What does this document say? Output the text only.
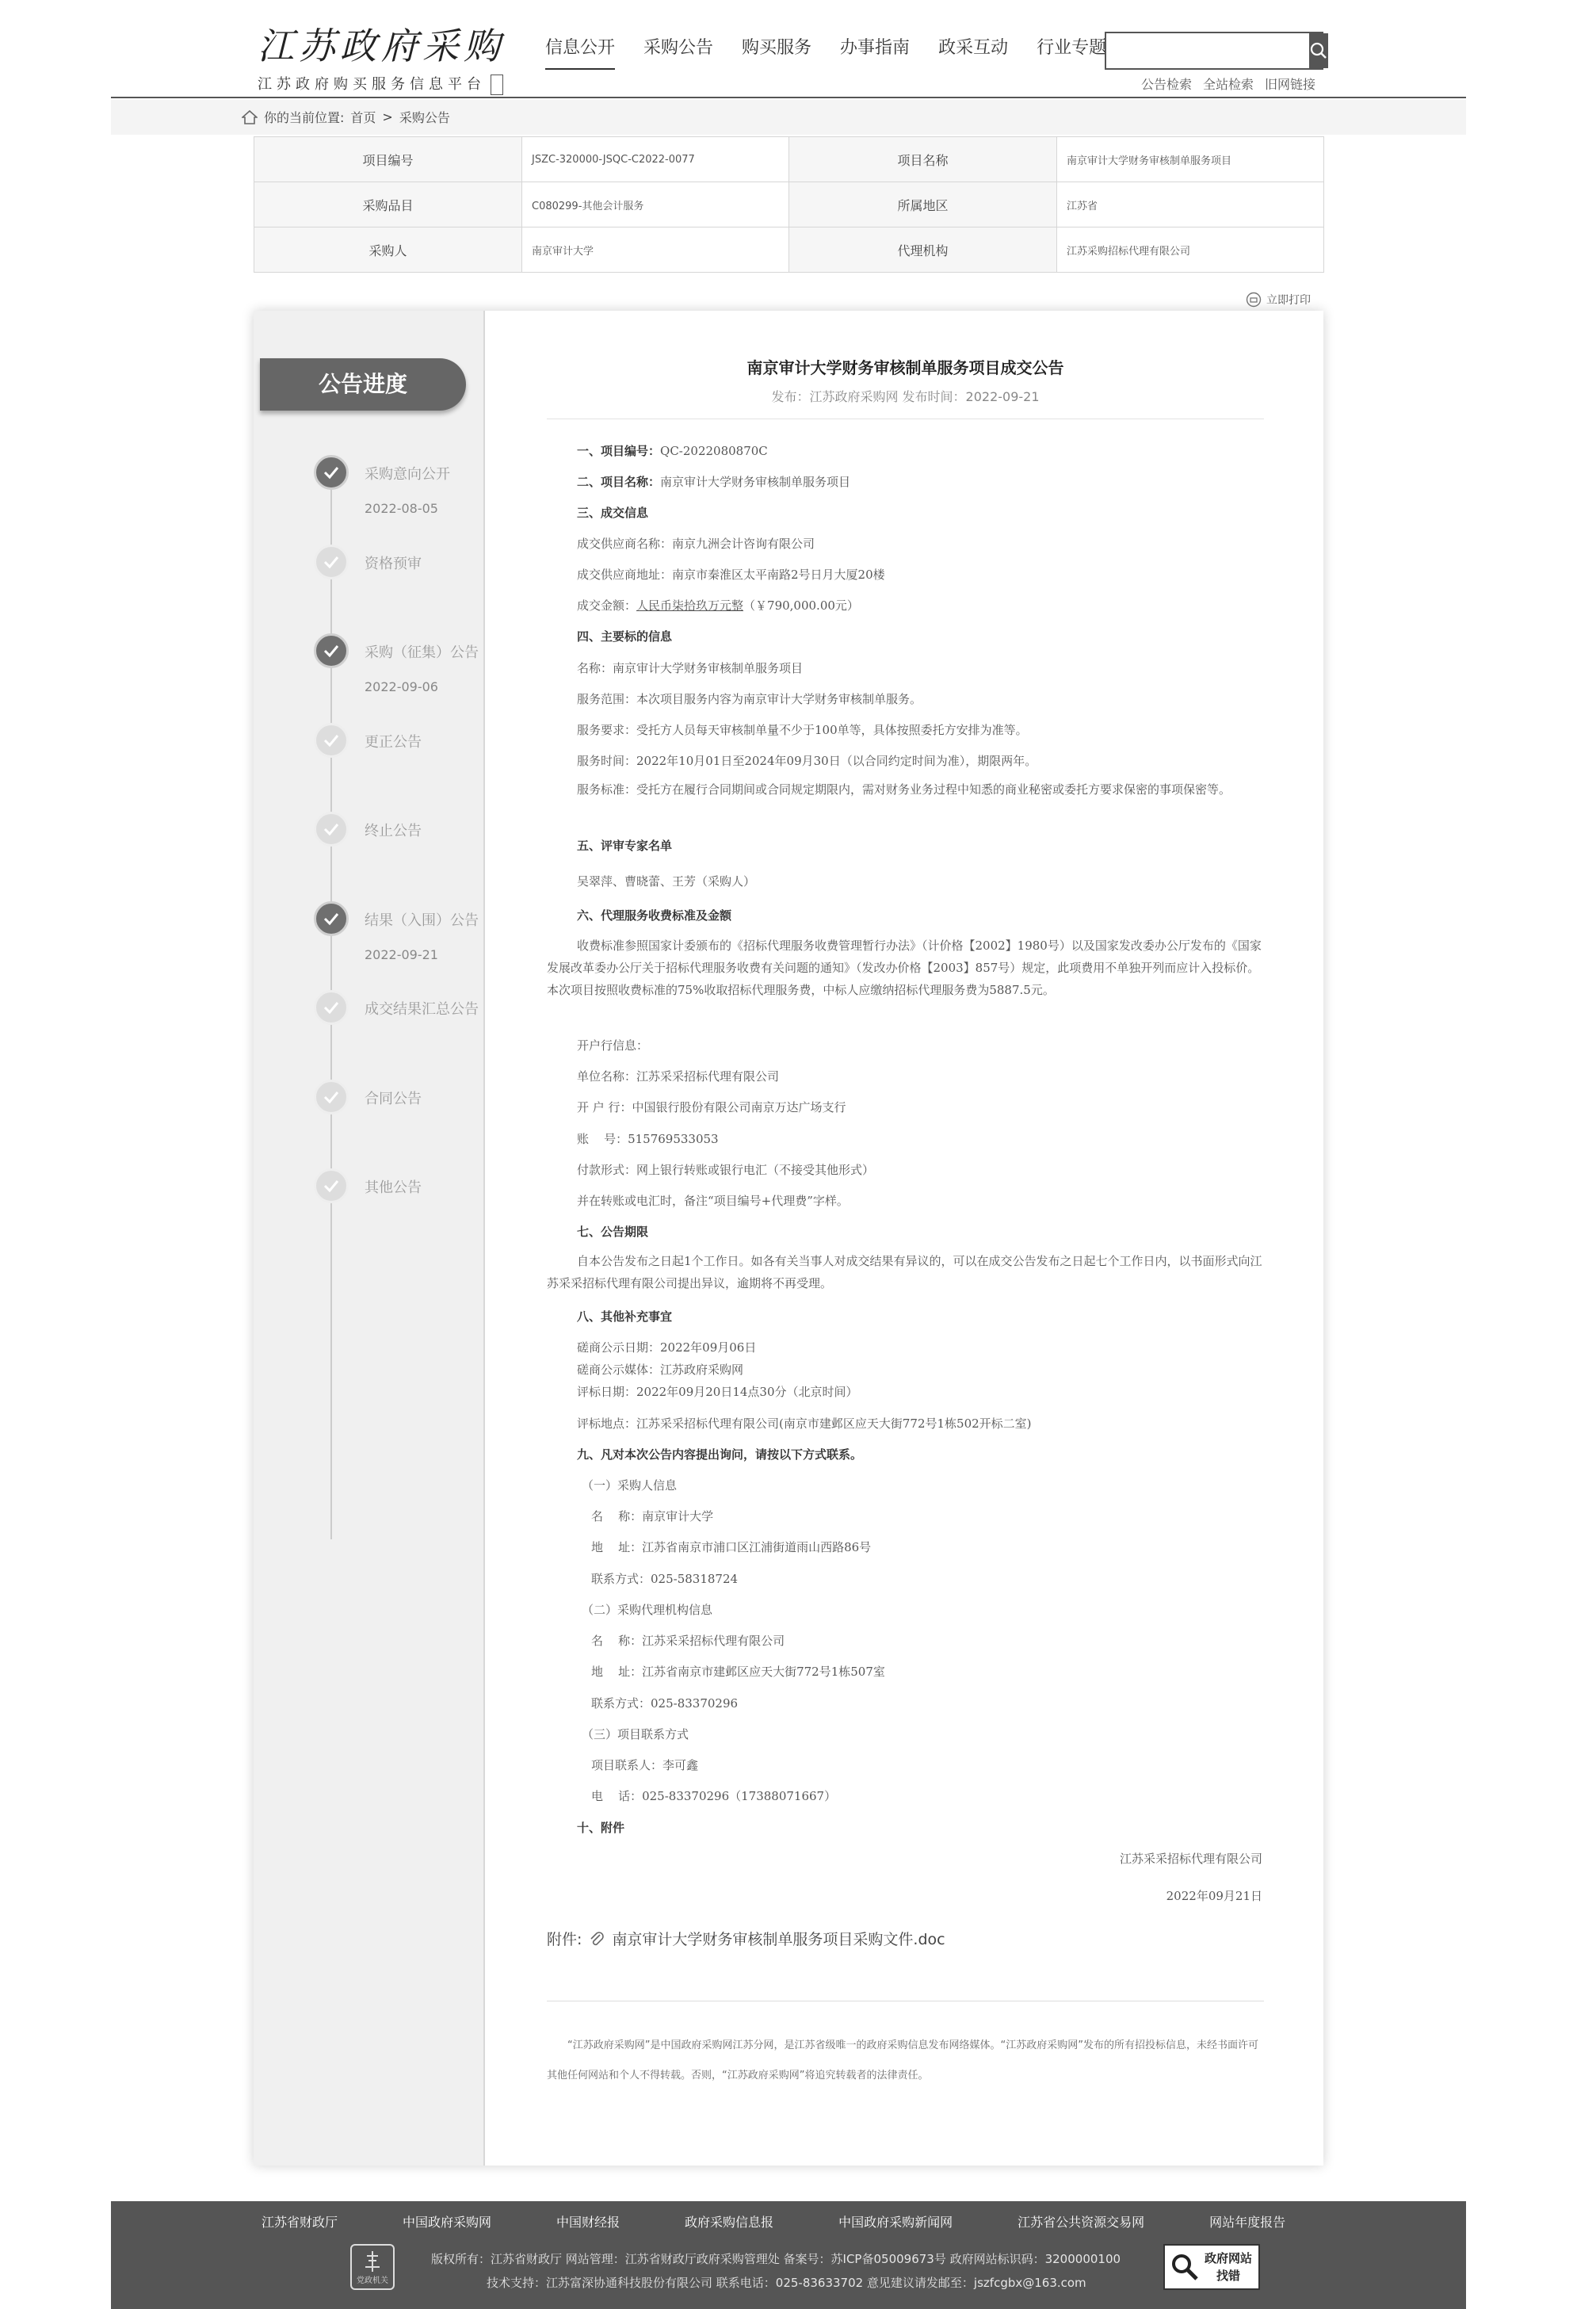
江苏政府采购
江苏政府购买服务信息平台
信息公开 采购公告 购买服务 办事指南 政采互动 行业专题
公告检索 全站检索 旧网链接
你的当前位置: 首页 > 采购公告
项目编号	JSZC-320000-JSQC-C2022-0077	项目名称	南京审计大学财务审核制单服务项目
采购品目	C080299-其他会计服务	所属地区	江苏省
采购人	南京审计大学	代理机构	江苏采购招标代理有限公司
立即打印
公告进度
采购意向公开
2022-08-05
资格预审
采购（征集）公告
2022-09-06
更正公告
终止公告
结果（入围）公告
2022-09-21
成交结果汇总公告
合同公告
其他公告
南京审计大学财务审核制单服务项目成交公告
发布：江苏政府采购网 发布时间：2022-09-21
一、项目编号：QC-2022080870C
二、项目名称：南京审计大学财务审核制单服务项目
三、成交信息
成交供应商名称：南京九洲会计咨询有限公司
成交供应商地址：南京市秦淮区太平南路2号日月大厦20楼
成交金额：人民币柒拾玖万元整（￥790,000.00元）
四、主要标的信息
名称：南京审计大学财务审核制单服务项目
服务范围：本次项目服务内容为南京审计大学财务审核制单服务。
服务要求：受托方人员每天审核制单量不少于100单等，具体按照委托方安排为准等。
服务时间：2022年10月01日至2024年09月30日（以合同约定时间为准），期限两年。
服务标准：受托方在履行合同期间或合同规定期限内，需对财务业务过程中知悉的商业秘密或委托方要求保密的事项保密等。
五、评审专家名单
吴翠萍、曹晓蕾、王芳（采购人）
六、代理服务收费标准及金额
收费标准参照国家计委颁布的《招标代理服务收费管理暂行办法》（计价格【2002】1980号）以及国家发改委办公厅发布的《国家发展改革委办公厅关于招标代理服务收费有关问题的通知》（发改办价格【2003】857号）规定，此项费用不单独开列而应计入投标价。本次项目按照收费标准的75%收取招标代理服务费，中标人应缴纳招标代理服务费为5887.5元。
开户行信息：
单位名称：江苏采采招标代理有限公司
开 户 行：中国银行股份有限公司南京万达广场支行
账    号：515769533053
付款形式：网上银行转账或银行电汇（不接受其他形式）
并在转账或电汇时，备注“项目编号+代理费”字样。
七、公告期限
自本公告发布之日起1个工作日。如各有关当事人对成交结果有异议的，可以在成交公告发布之日起七个工作日内，以书面形式向江苏采采招标代理有限公司提出异议，逾期将不再受理。
八、其他补充事宜
磋商公示日期：2022年09月06日
磋商公示媒体：江苏政府采购网
评标日期：2022年09月20日14点30分（北京时间）
评标地点：江苏采采招标代理有限公司(南京市建邺区应天大街772号1栋502开标二室)
九、凡对本次公告内容提出询问，请按以下方式联系。
（一）采购人信息
名    称：南京审计大学
地    址：江苏省南京市浦口区江浦街道雨山西路86号
联系方式：025-58318724
（二）采购代理机构信息
名    称：江苏采采招标代理有限公司
地    址：江苏省南京市建邺区应天大街772号1栋507室
联系方式：025-83370296
（三）项目联系方式
项目联系人：李可鑫
电    话：025-83370296（17388071667）
十、附件
江苏采采招标代理有限公司
2022年09月21日
附件: 南京审计大学财务审核制单服务项目采购文件.doc
“江苏政府采购网”是中国政府采购网江苏分网，是江苏省级唯一的政府采购信息发布网络媒体。“江苏政府采购网”发布的所有招投标信息，未经书面许可其他任何网站和个人不得转载。否则，“江苏政府采购网”将追究转载者的法律责任。
江苏省财政厅	中国政府采购网	中国财经报	政府采购信息报	中国政府采购新闻网	江苏省公共资源交易网	网站年度报告
党政机关
版权所有：江苏省财政厅 网站管理：江苏省财政厅政府采购管理处 备案号：苏ICP备05009673号 政府网站标识码：3200000100
技术支持：江苏富深协通科技股份有限公司 联系电话：025-83633702 意见建议请发邮至：jszfcgbx@163.com
政府网站
找错
